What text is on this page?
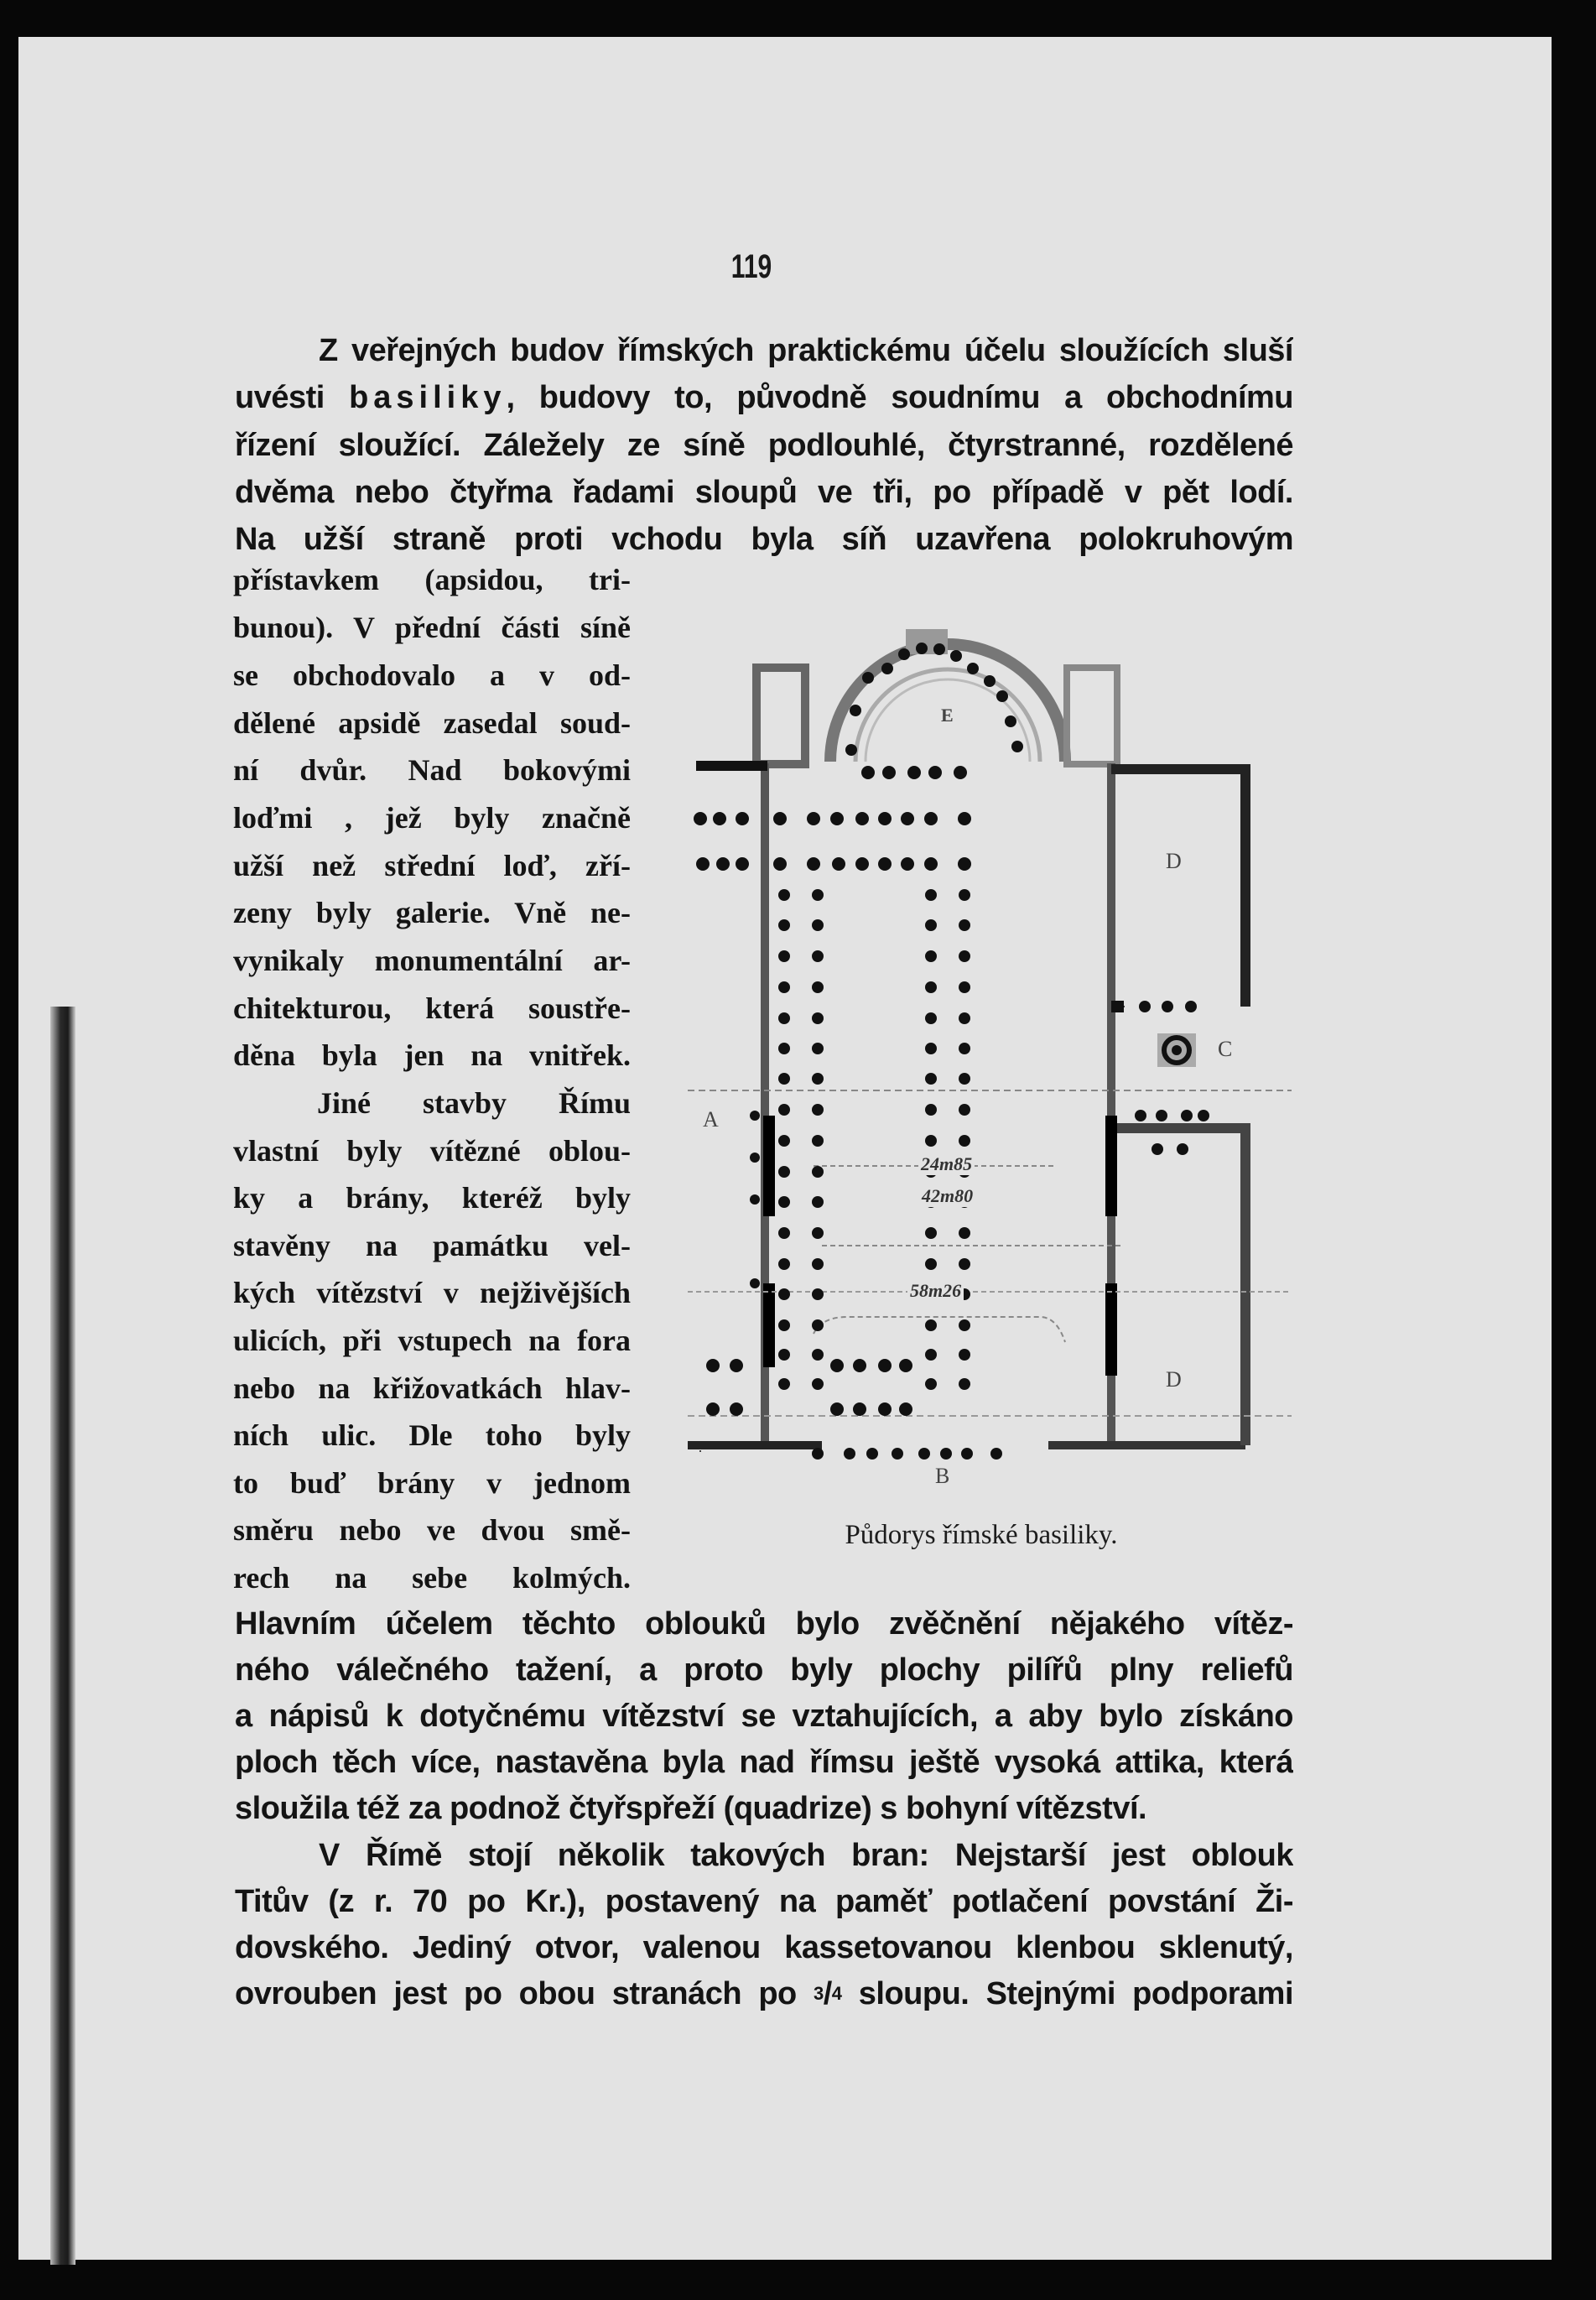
119
Z veřejných budov římských praktickému účelu sloužících sluší
uvésti basiliky, budovy to, původně soudnímu a obchodnímu
řízení sloužící. Záležely ze síně podlouhlé, čtyrstranné, rozdělené
dvěma nebo čtyřma řadami sloupů ve tři, po případě v pět lodí.
Na užší straně proti vchodu byla síň uzavřena polokruhovým
přístavkem (apsidou, tri-
bunou). V přední části síně
se obchodovalo a v od-
dělené apsidě zasedal soud-
ní dvůr. Nad bokovými
loďmi , jež byly značně
užší než střední loď, zří-
zeny byly galerie. Vně ne-
vynikaly monumentální ar-
chitekturou, která soustře-
děna byla jen na vnitřek.
Jiné stavby Římu
vlastní byly vítězné oblou-
ky a brány, kteréž byly
stavěny na památku vel-
kých vítězství v nejživějších
ulicích, při vstupech na fora
nebo na křižovatkách hlav-
ních ulic. Dle toho byly
to buď brány v jednom
směru nebo ve dvou smě-
rech na sebe kolmých.
Hlavním účelem těchto oblouků bylo zvěčnění nějakého vítěz-
ného válečného tažení, a proto byly plochy pilířů plny reliefů
a nápisů k dotyčnému vítězství se vztahujících, a aby bylo získáno
ploch těch více, nastavěna byla nad římsu ještě vysoká attika, která
sloužila též za podnož čtyřspřeží (quadrize) s bohyní vítězství.
V Římě stojí několik takových bran: Nejstarší jest oblouk
Titův (z r. 70 po Kr.), postavený na paměť potlačení povstání Ži-
dovského. Jediný otvor, valenou kassetovanou klenbou sklenutý,
ovrouben jest po obou stranách po $^3$/4 sloupu. Stejnými podporami
E
D
A
C
D
B
24m85
42m80
58m26
Půdorys římské basiliky.
